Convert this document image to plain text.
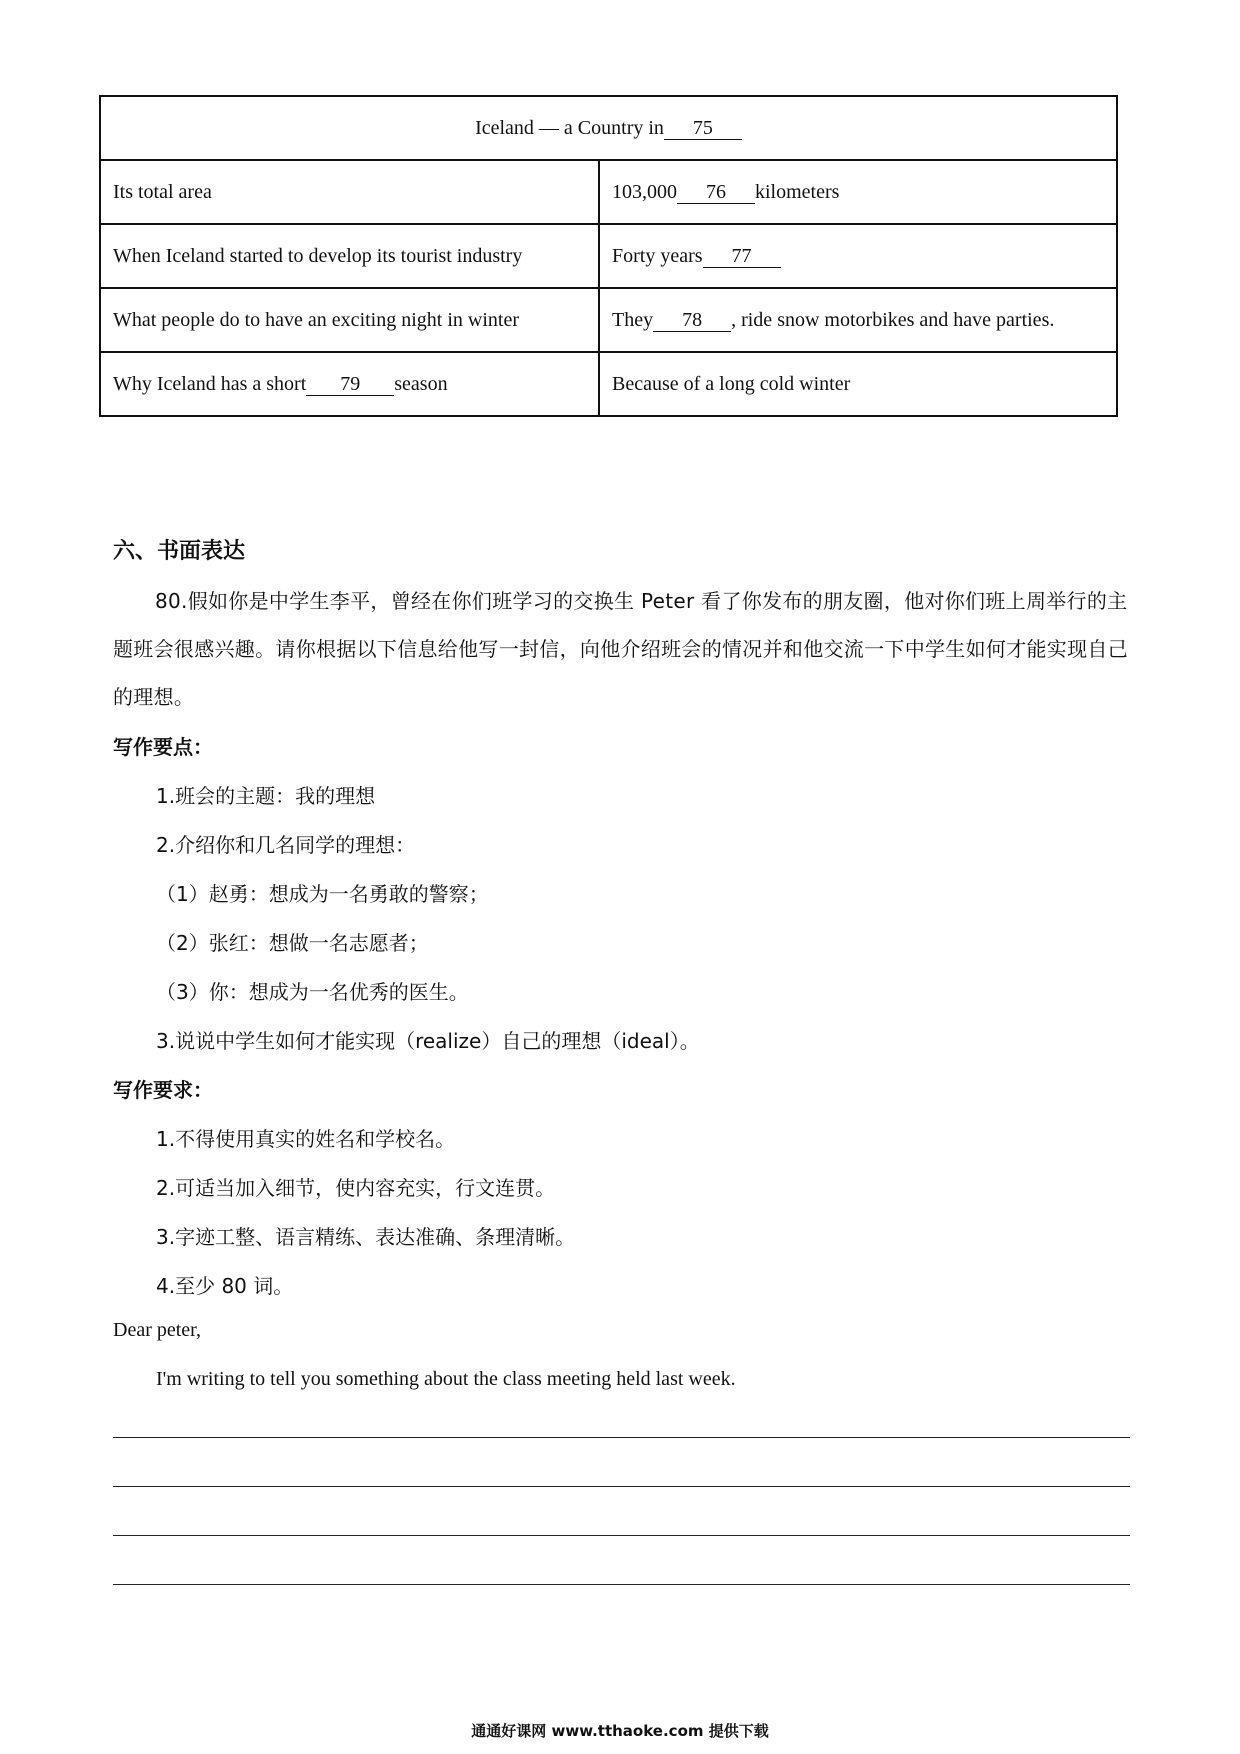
Iceland — a Country in 75	
Its total area	103,000 76 kilometers
When Iceland started to develop its tourist industry	Forty years 77
What people do to have an exciting night in winter	They 78 , ride snow motorbikes and have parties.
Why Iceland has a short 79 season	Because of a long cold winter
六、书面表达
80.假如你是中学生李平，曾经在你们班学习的交换生 Peter 看了你发布的朋友圈，他对你们班上周举行的主题班会很感兴趣。请你根据以下信息给他写一封信，向他介绍班会的情况并和他交流一下中学生如何才能实现自己的理想。
写作要点：
1.班会的主题：我的理想
2.介绍你和几名同学的理想：
（1）赵勇：想成为一名勇敢的警察；
（2）张红：想做一名志愿者；
（3）你：想成为一名优秀的医生。
3.说说中学生如何才能实现（realize）自己的理想（ideal）。
写作要求：
1.不得使用真实的姓名和学校名。
2.可适当加入细节，使内容充实，行文连贯。
3.字迹工整、语言精练、表达准确、条理清晰。
4.至少 80 词。
Dear peter,
I'm writing to tell you something about the class meeting held last week.
通通好课网 www.tthaoke.com 提供下载
